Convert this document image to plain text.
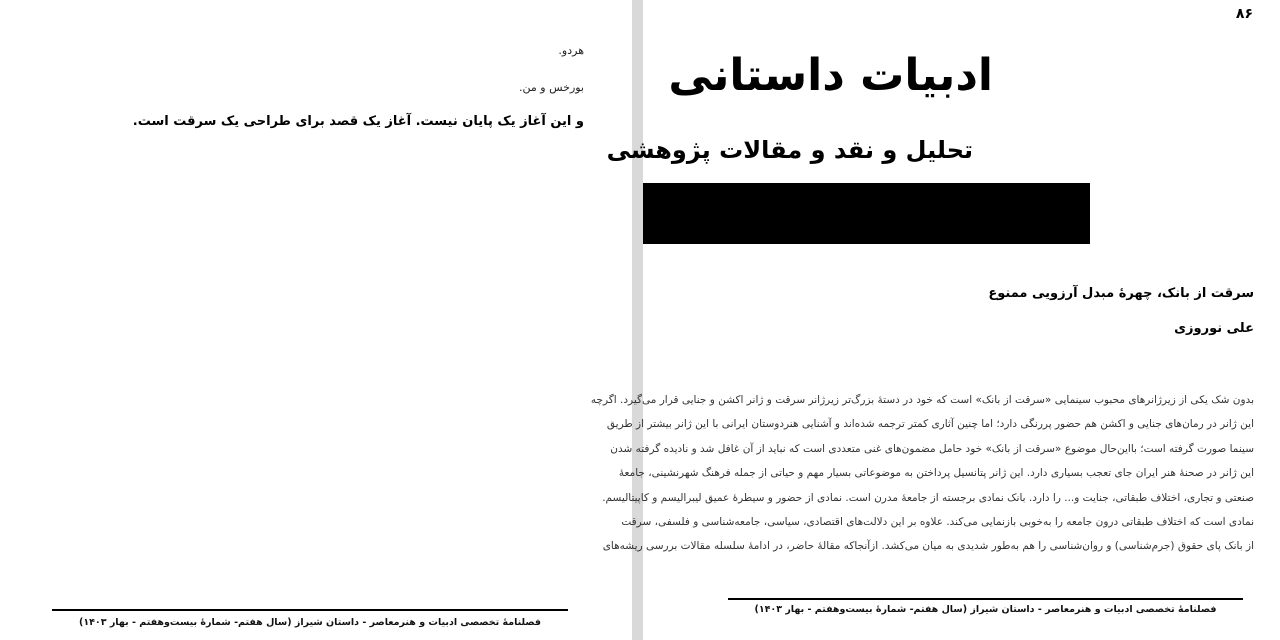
هردو.
بورخس و من.
و این آغاز یک پایان نیست. آغاز یک قصد برای طراحی یک سرقت است.
فصلنامهٔ تخصصی ادبیات و هنرمعاصر - داستان شیراز (سال هفتم- شمارهٔ بیست‌وهفتم - بهار ۱۴۰۳)
۸۶
ادبیات داستانی
تحلیل و نقد و مقالات پژوهشی
سرقت از بانک، چهرهٔ مبدل آرزویی ممنوع
علی نوروزی
بدون شک یکی از زیرژانرهای محبوب سینمایی «سرقت از بانک» است که خود در دستهٔ بزرگ‌تر زیرژانر سرقت و ژانر اکشن و جنایی قرار می‌گیرد. اگرچه
این ژانر در رمان‌های جنایی و اکشن هم حضور پررنگی دارد؛ اما چنین آثاری کمتر ترجمه شده‌اند و آشنایی هنردوستان ایرانی با این ژانر بیشتر از طریق
سینما صورت گرفته است؛ بااین‌حال موضوع «سرقت از بانک» خود حامل مضمون‌های غنی متعددی است که نباید از آن غافل شد و نادیده گرفته شدن
این ژانر در صحنهٔ هنر ایران جای تعجب بسیاری دارد. این ژانر پتانسیل پرداختن به موضوعاتی بسیار مهم و حیاتی از جمله فرهنگ شهرنشینی، جامعهٔ
صنعتی و تجاری، اختلاف طبقاتی، جنایت و... را دارد. بانک نمادی برجسته از جامعهٔ مدرن است. نمادی از حضور و سیطرهٔ عمیق لیبرالیسم و کاپیتالیسم.
نمادی است که اختلاف طبقاتی درون جامعه را به‌خوبی بازنمایی می‌کند. علاوه بر این دلالت‌های اقتصادی، سیاسی، جامعه‌شناسی و فلسفی، سرقت
از بانک پای حقوق (جرم‌شناسی) و روان‌شناسی را هم به‌طور شدیدی به میان می‌کشد. ازآنجاکه مقالهٔ حاضر، در ادامهٔ سلسله مقالات بررسی ریشه‌های
فصلنامهٔ تخصصی ادبیات و هنرمعاصر - داستان شیراز (سال هفتم- شمارهٔ بیست‌وهفتم - بهار ۱۴۰۳)
